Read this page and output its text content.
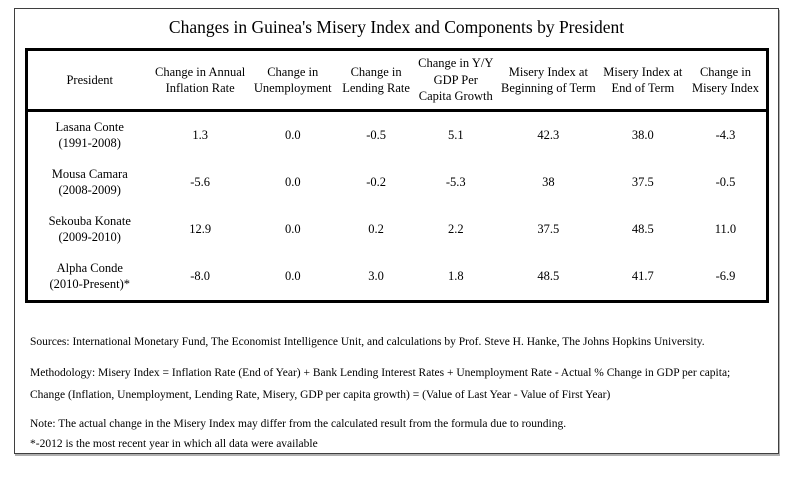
Changes in Guinea's Misery Index and Components by President
President	Change in Annual Inflation Rate	Change in Unemployment	Change in Lending Rate	Change in Y/Y GDP Per Capita Growth	Misery Index at Beginning of Term	Misery Index at End of Term	Change in Misery Index

Lasana Conte
(1991-2008)	1.3	0.0	-0.5	5.1	42.3	38.0	-4.3

Mousa Camara
(2008-2009)	-5.6	0.0	-0.2	-5.3	38	37.5	-0.5

Sekouba Konate
(2009-2010)	12.9	0.0	0.2	2.2	37.5	48.5	11.0

Alpha Conde
(2010-Present)*	-8.0	0.0	3.0	1.8	48.5	41.7	-6.9

Sources: International Monetary Fund, The Economist Intelligence Unit, and calculations by Prof. Steve H. Hanke, The Johns Hopkins University.

Methodology: Misery Index = Inflation Rate (End of Year) + Bank Lending Interest Rates + Unemployment Rate - Actual % Change in GDP per capita;

Change (Inflation, Unemployment, Lending Rate, Misery, GDP per capita growth) = (Value of Last Year - Value of First Year)

Note: The actual change in the Misery Index may differ from the calculated result from the formula due to rounding.

*-2012 is the most recent year in which all data were available
